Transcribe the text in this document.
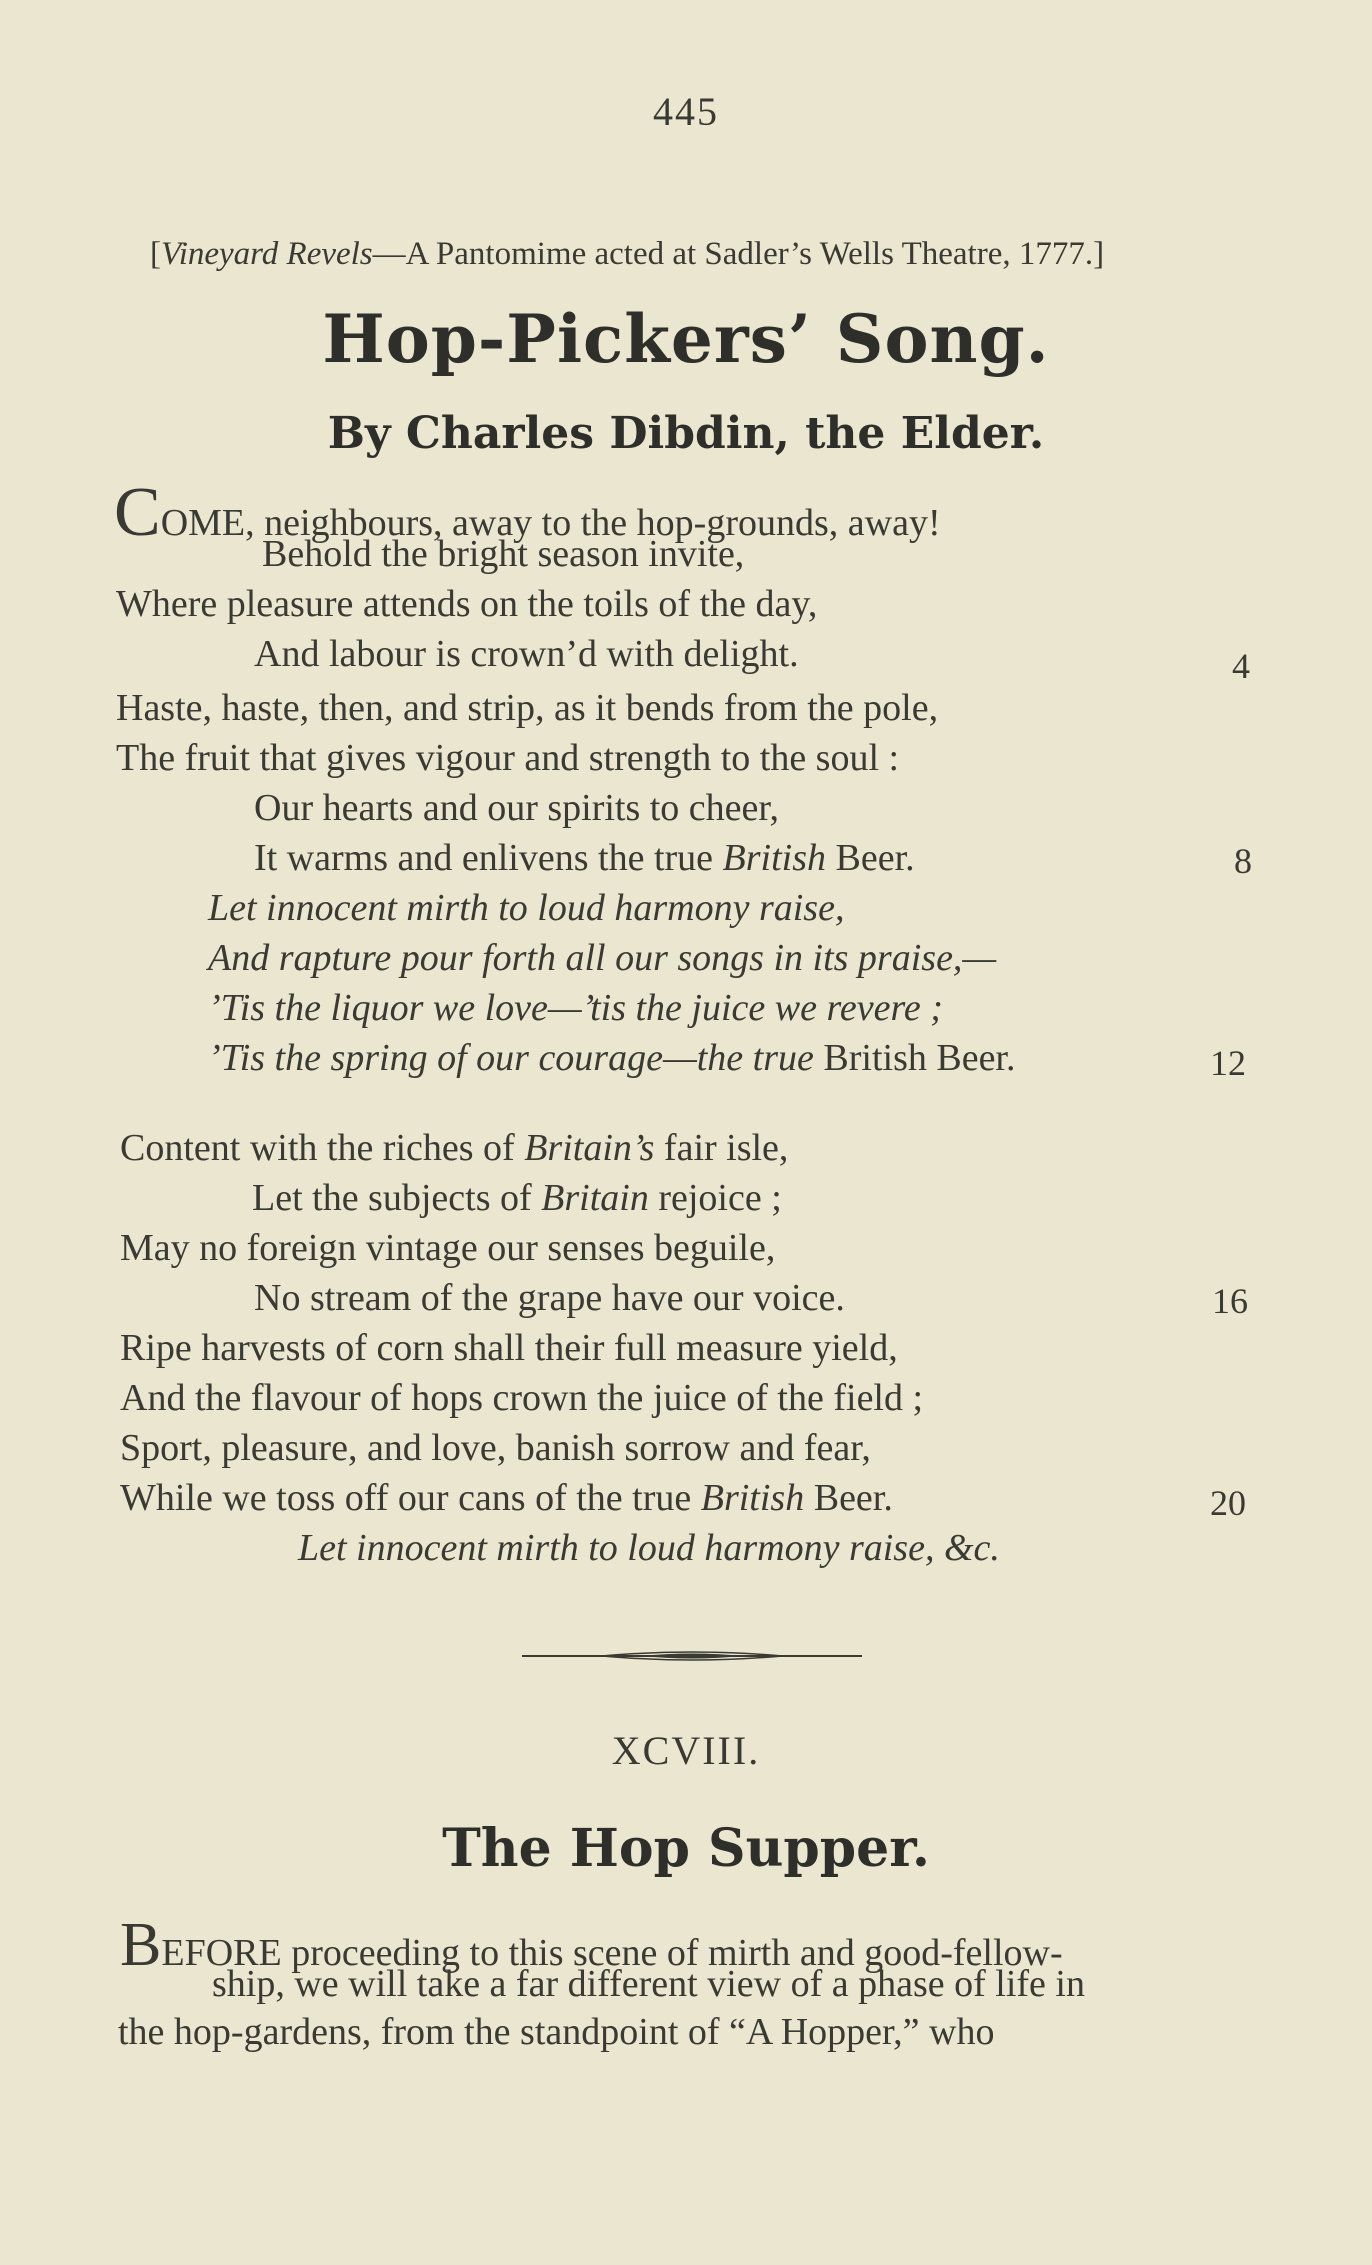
445
[Vineyard Revels—A Pantomime acted at Sadler’s Wells Theatre, 1777.]
Hop-Pickers’ Song.
By Charles Dibdin, the Elder.
COME, neighbours, away to the hop-grounds, away!
Behold the bright season invite,
Where pleasure attends on the toils of the day,
And labour is crown’d with delight.	4
Haste, haste, then, and strip, as it bends from the pole,
The fruit that gives vigour and strength to the soul :
Our hearts and our spirits to cheer,
It warms and enlivens the true British Beer.	8
Let innocent mirth to loud harmony raise,
And rapture pour forth all our songs in its praise,—
’Tis the liquor we love—’tis the juice we revere ;
’Tis the spring of our courage—the true British Beer.	12
Content with the riches of Britain’s fair isle,
Let the subjects of Britain rejoice ;
May no foreign vintage our senses beguile,
No stream of the grape have our voice.	16
Ripe harvests of corn shall their full measure yield,
And the flavour of hops crown the juice of the field ;
Sport, pleasure, and love, banish sorrow and fear,
While we toss off our cans of the true British Beer.	20
Let innocent mirth to loud harmony raise, &c.
XCVIII.
The Hop Supper.
BEFORE proceeding to this scene of mirth and good-fellow-
ship, we will take a far different view of a phase of life in
the hop-gardens, from the standpoint of “A Hopper,” who
